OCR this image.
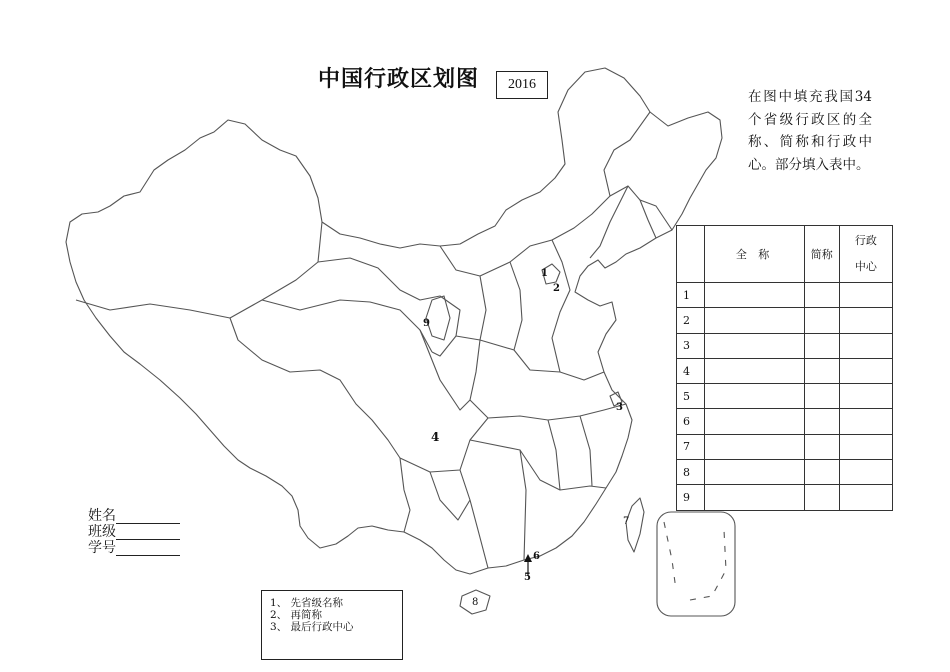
中国行政区划图	2016
在图中填充我国34个省级行政区的全称、简称和行政中心。部分填入表中。
	全 称	简称	行政
中心
1			
2			
3			
4			
5			
6			
7			
8			
9			
姓名
班级
学号
1、 先省级名称
2、 再简称
3、 最后行政中心
1
2
3
4
5
6
7
8
9
